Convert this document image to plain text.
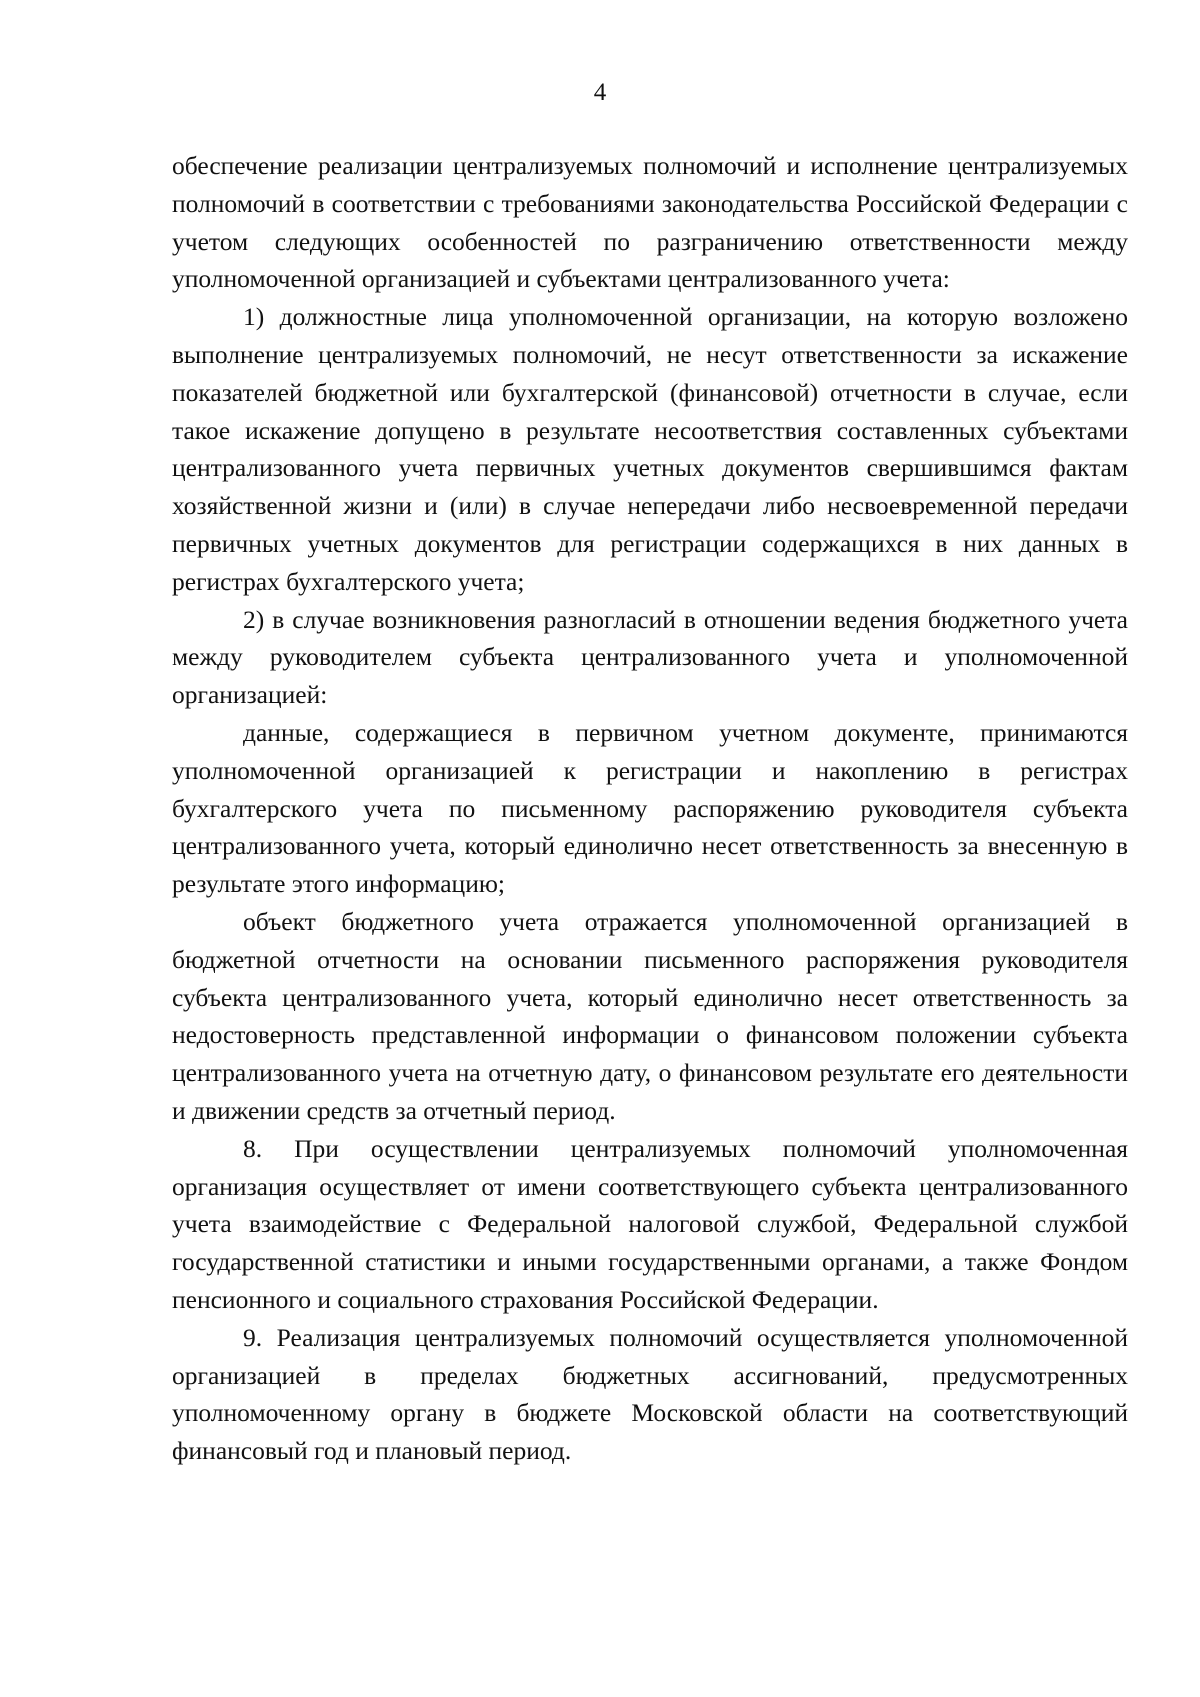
4

обеспечение реализации централизуемых полномочий и исполнение централизуемых полномочий в соответствии с требованиями законодательства Российской Федерации с учетом следующих особенностей по разграничению ответственности между уполномоченной организацией и субъектами централизованного учета:

1) должностные лица уполномоченной организации, на которую возложено выполнение централизуемых полномочий, не несут ответственности за искажение показателей бюджетной или бухгалтерской (финансовой) отчетности в случае, если такое искажение допущено в результате несоответствия составленных субъектами централизованного учета первичных учетных документов свершившимся фактам хозяйственной жизни и (или) в случае непередачи либо несвоевременной передачи первичных учетных документов для регистрации содержащихся в них данных в регистрах бухгалтерского учета;

2) в случае возникновения разногласий в отношении ведения бюджетного учета между руководителем субъекта централизованного учета и уполномоченной организацией:

данные, содержащиеся в первичном учетном документе, принимаются уполномоченной организацией к регистрации и накоплению в регистрах бухгалтерского учета по письменному распоряжению руководителя субъекта централизованного учета, который единолично несет ответственность за внесенную в результате этого информацию;

объект бюджетного учета отражается уполномоченной организацией в бюджетной отчетности на основании письменного распоряжения руководителя субъекта централизованного учета, который единолично несет ответственность за недостоверность представленной информации о финансовом положении субъекта централизованного учета на отчетную дату, о финансовом результате его деятельности и движении средств за отчетный период.

8. При осуществлении централизуемых полномочий уполномоченная организация осуществляет от имени соответствующего субъекта централизованного учета взаимодействие с Федеральной налоговой службой, Федеральной службой государственной статистики и иными государственными органами, а также Фондом пенсионного и социального страхования Российской Федерации.

9. Реализация централизуемых полномочий осуществляется уполномоченной организацией в пределах бюджетных ассигнований, предусмотренных уполномоченному органу в бюджете Московской области на соответствующий финансовый год и плановый период.
